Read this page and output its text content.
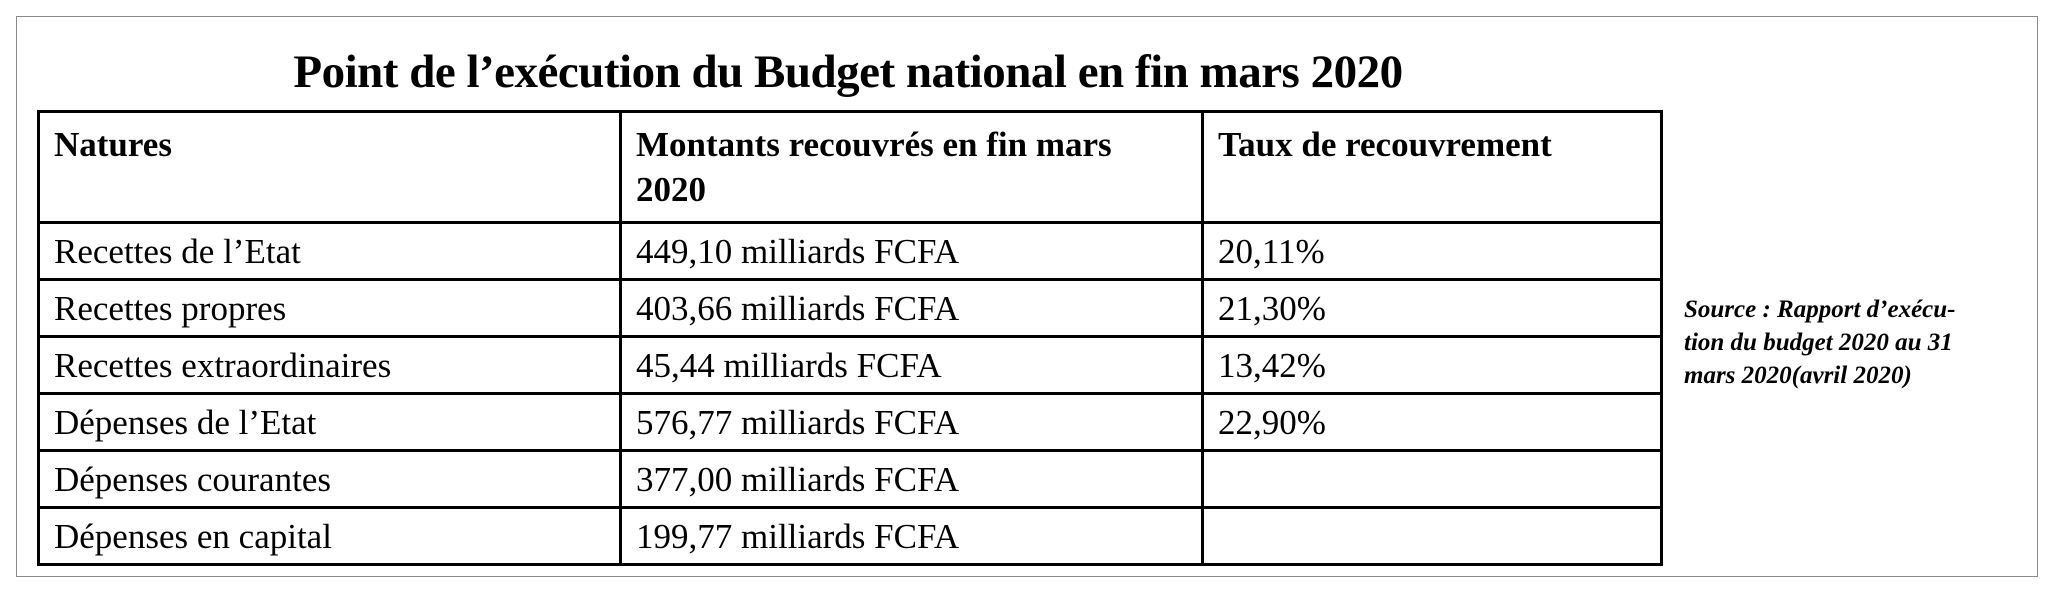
Point de l’exécution du Budget national en fin mars 2020
Natures	Montants recouvrés en fin mars 2020	Taux de recouvrement
Recettes de l’Etat	449,10 milliards FCFA	20,11%
Recettes propres	403,66 milliards FCFA	21,30%
Recettes extraordinaires	45,44 milliards FCFA	13,42%
Dépenses de l’Etat	576,77 milliards FCFA	22,90%
Dépenses courantes	377,00 milliards FCFA	
Dépenses en capital	199,77 milliards FCFA	
Source : Rapport d’exécu-
tion du budget 2020 au 31
mars 2020(avril 2020)
